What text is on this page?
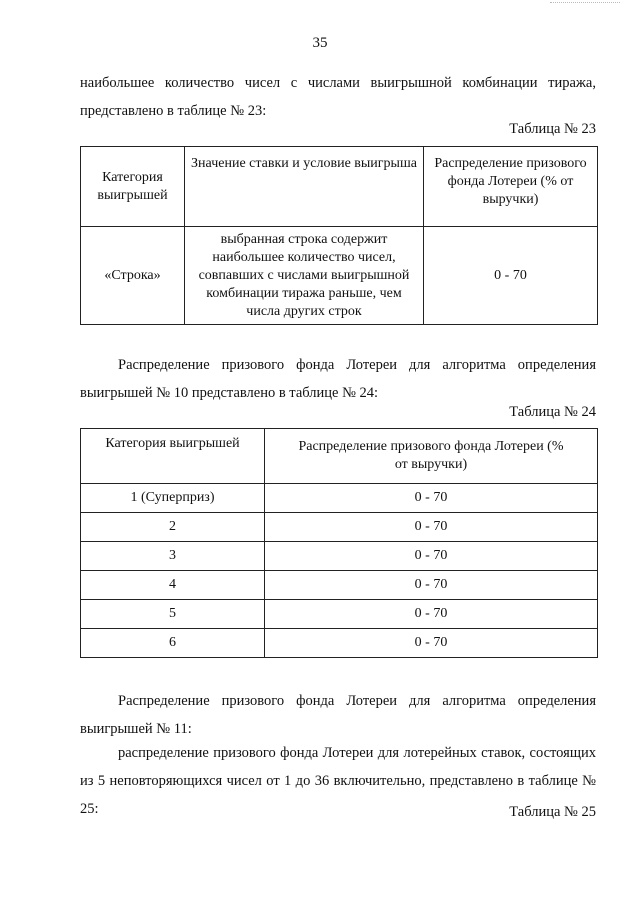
35

наибольшее количество чисел с числами выигрышной комбинации тиража, представлено в таблице № 23:

Таблица № 23
Категория выигрышей	Значение ставки и условие выигрыша	Распределение призового фонда Лотереи (% от выручки)
«Строка»	выбранная строка содержит наибольшее количество чисел, совпавших с числами выигрышной комбинации тиража раньше, чем числа других строк	0 - 70

Распределение призового фонда Лотереи для алгоритма определения выигрышей № 10 представлено в таблице № 24:

Таблица № 24
Категория выигрышей	Распределение призового фонда Лотереи (% от выручки)
1 (Суперприз)	0 - 70
2	0 - 70
3	0 - 70
4	0 - 70
5	0 - 70
6	0 - 70

Распределение призового фонда Лотереи для алгоритма определения выигрышей № 11:

распределение призового фонда Лотереи для лотерейных ставок, состоящих из 5 неповторяющихся чисел от 1 до 36 включительно, представлено в таблице № 25:	Таблица № 25
